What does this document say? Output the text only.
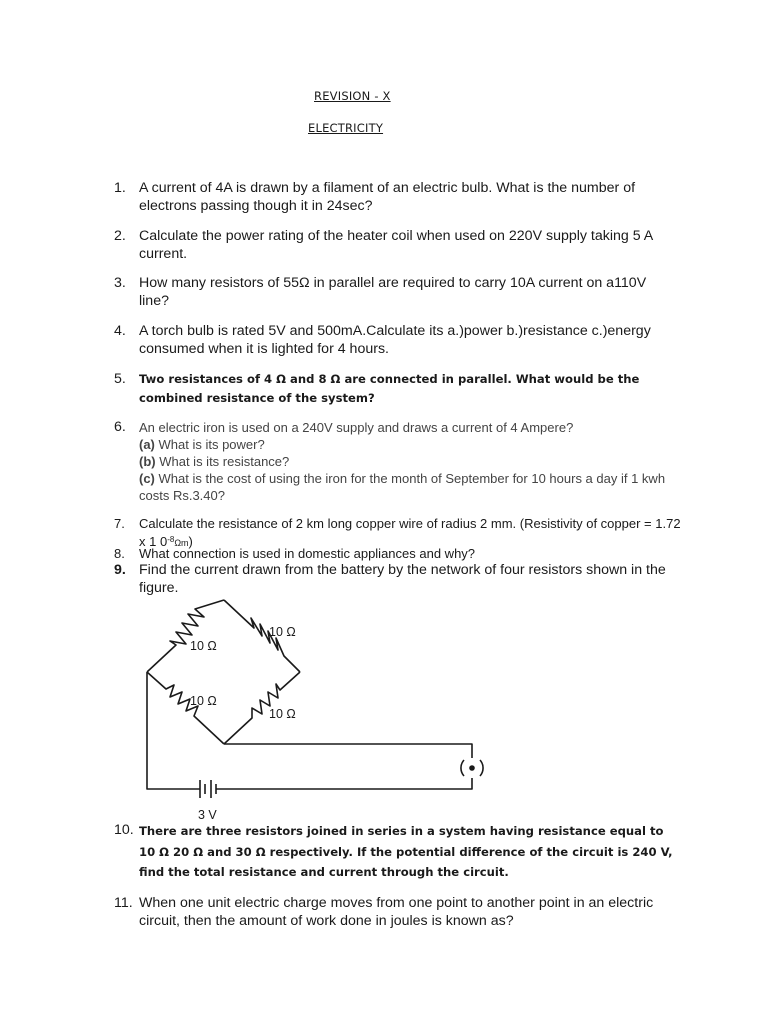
REVISION - X
ELECTRICITY
1. A current of 4A is drawn by a filament of an electric bulb. What is the number of electrons passing though it in 24sec?
2. Calculate the power rating of the heater coil when used on 220V supply taking 5 A current.
3. How many resistors of 55Ω in parallel are required to carry 10A current on a110V line?
4. A torch bulb is rated 5V and 500mA.Calculate its a.)power b.)resistance c.)energy consumed when it is lighted for 4 hours.
5. Two resistances of 4 Ω and 8 Ω are connected in parallel. What would be the combined resistance of the system?
6. An electric iron is used on a 240V supply and draws a current of 4 Ampere?
(a) What is its power?
(b) What is its resistance?
(c) What is the cost of using the iron for the month of September for 10 hours a day if 1 kwh costs Rs.3.40?
7. Calculate the resistance of 2 km long copper wire of radius 2 mm. (Resistivity of copper = 1.72 x 1 $0^{-8}\Omega m$)
8. What connection is used in domestic appliances and why?
9. Find the current drawn from the battery by the network of four resistors shown in the figure.
10 Ω
10 Ω
10 Ω
10 Ω
3 V
10. There are three resistors joined in series in a system having resistance equal to 10 Ω 20 Ω and 30 Ω respectively. If the potential difference of the circuit is 240 V, find the total resistance and current through the circuit.
11. When one unit electric charge moves from one point to another point in an electric circuit, then the amount of work done in joules is known as?
